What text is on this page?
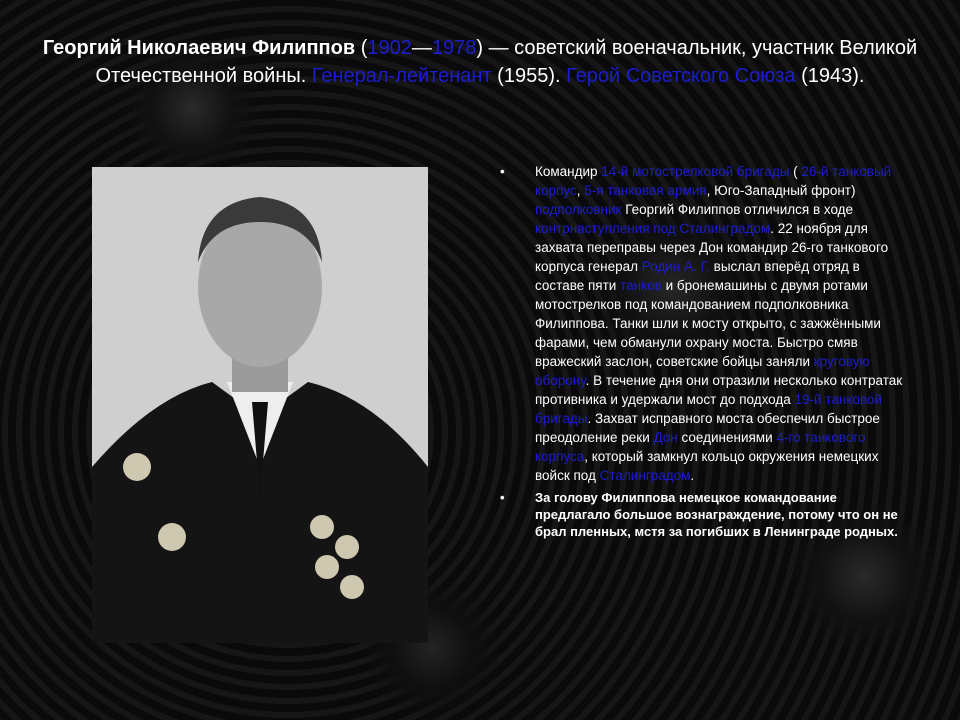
Георгий Николаевич Филиппов (1902—1978) — советский военачальник, участник Великой Отечественной войны. Генерал-лейтенант (1955). Герой Советского Союза (1943).
• Командир 14-й мотострелковой бригады ( 26-й танковый корпус, 5-я танковая армия, Юго-Западный фронт) подполковник Георгий Филиппов отличился в ходе контрнаступления под Сталинградом. 22 ноября для захвата переправы через Дон командир 26-го танкового корпуса генерал Родин А. Г. выслал вперёд отряд в составе пяти танков и бронемашины с двумя ротами мотострелков под командованием подполковника Филиппова. Танки шли к мосту открыто, с зажжёнными фарами, чем обманули охрану моста. Быстро смяв вражеский заслон, советские бойцы заняли круговую оборону. В течение дня они отразили несколько контратак противника и удержали мост до подхода 19-й танковой бригады. Захват исправного моста обеспечил быстрое преодоление реки Дон соединениями 4-го танкового корпуса, который замкнул кольцо окружения немецких войск под Сталинградом.
• За голову Филиппова немецкое командование предлагало большое вознаграждение, потому что он не брал пленных, мстя за погибших в Ленинграде родных.
